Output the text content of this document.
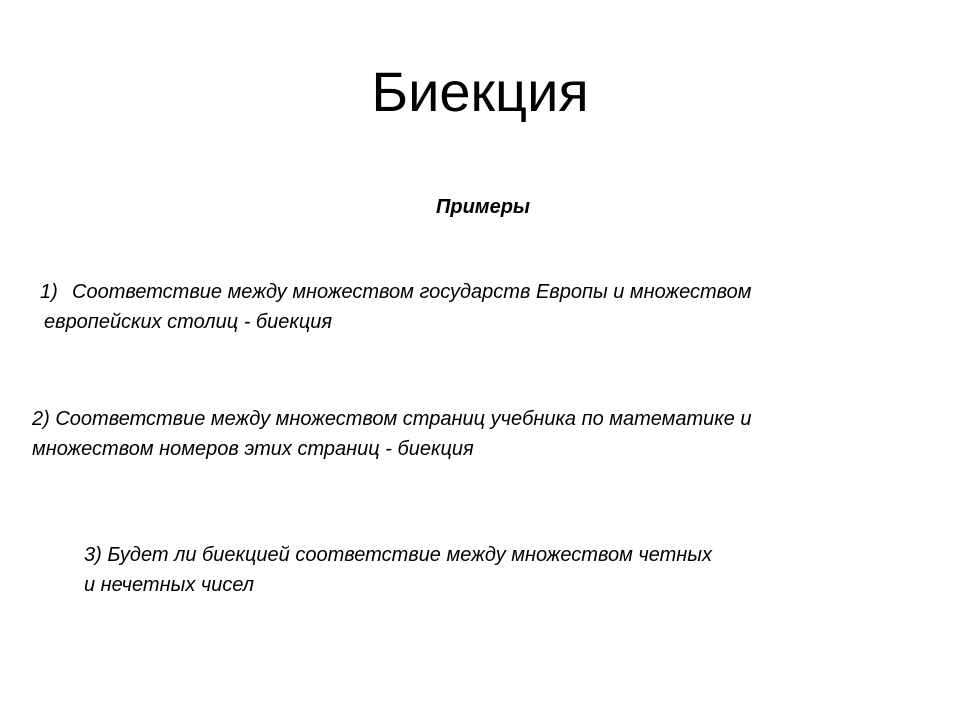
Биекция

Примеры

1) Соответствие между множеством государств Европы и множеством
европейских столиц - биекция
2) Соответствие между множеством страниц учебника по математике и
множеством номеров этих страниц - биекция
3) Будет ли биекцией соответствие между множеством четных
и нечетных чисел
